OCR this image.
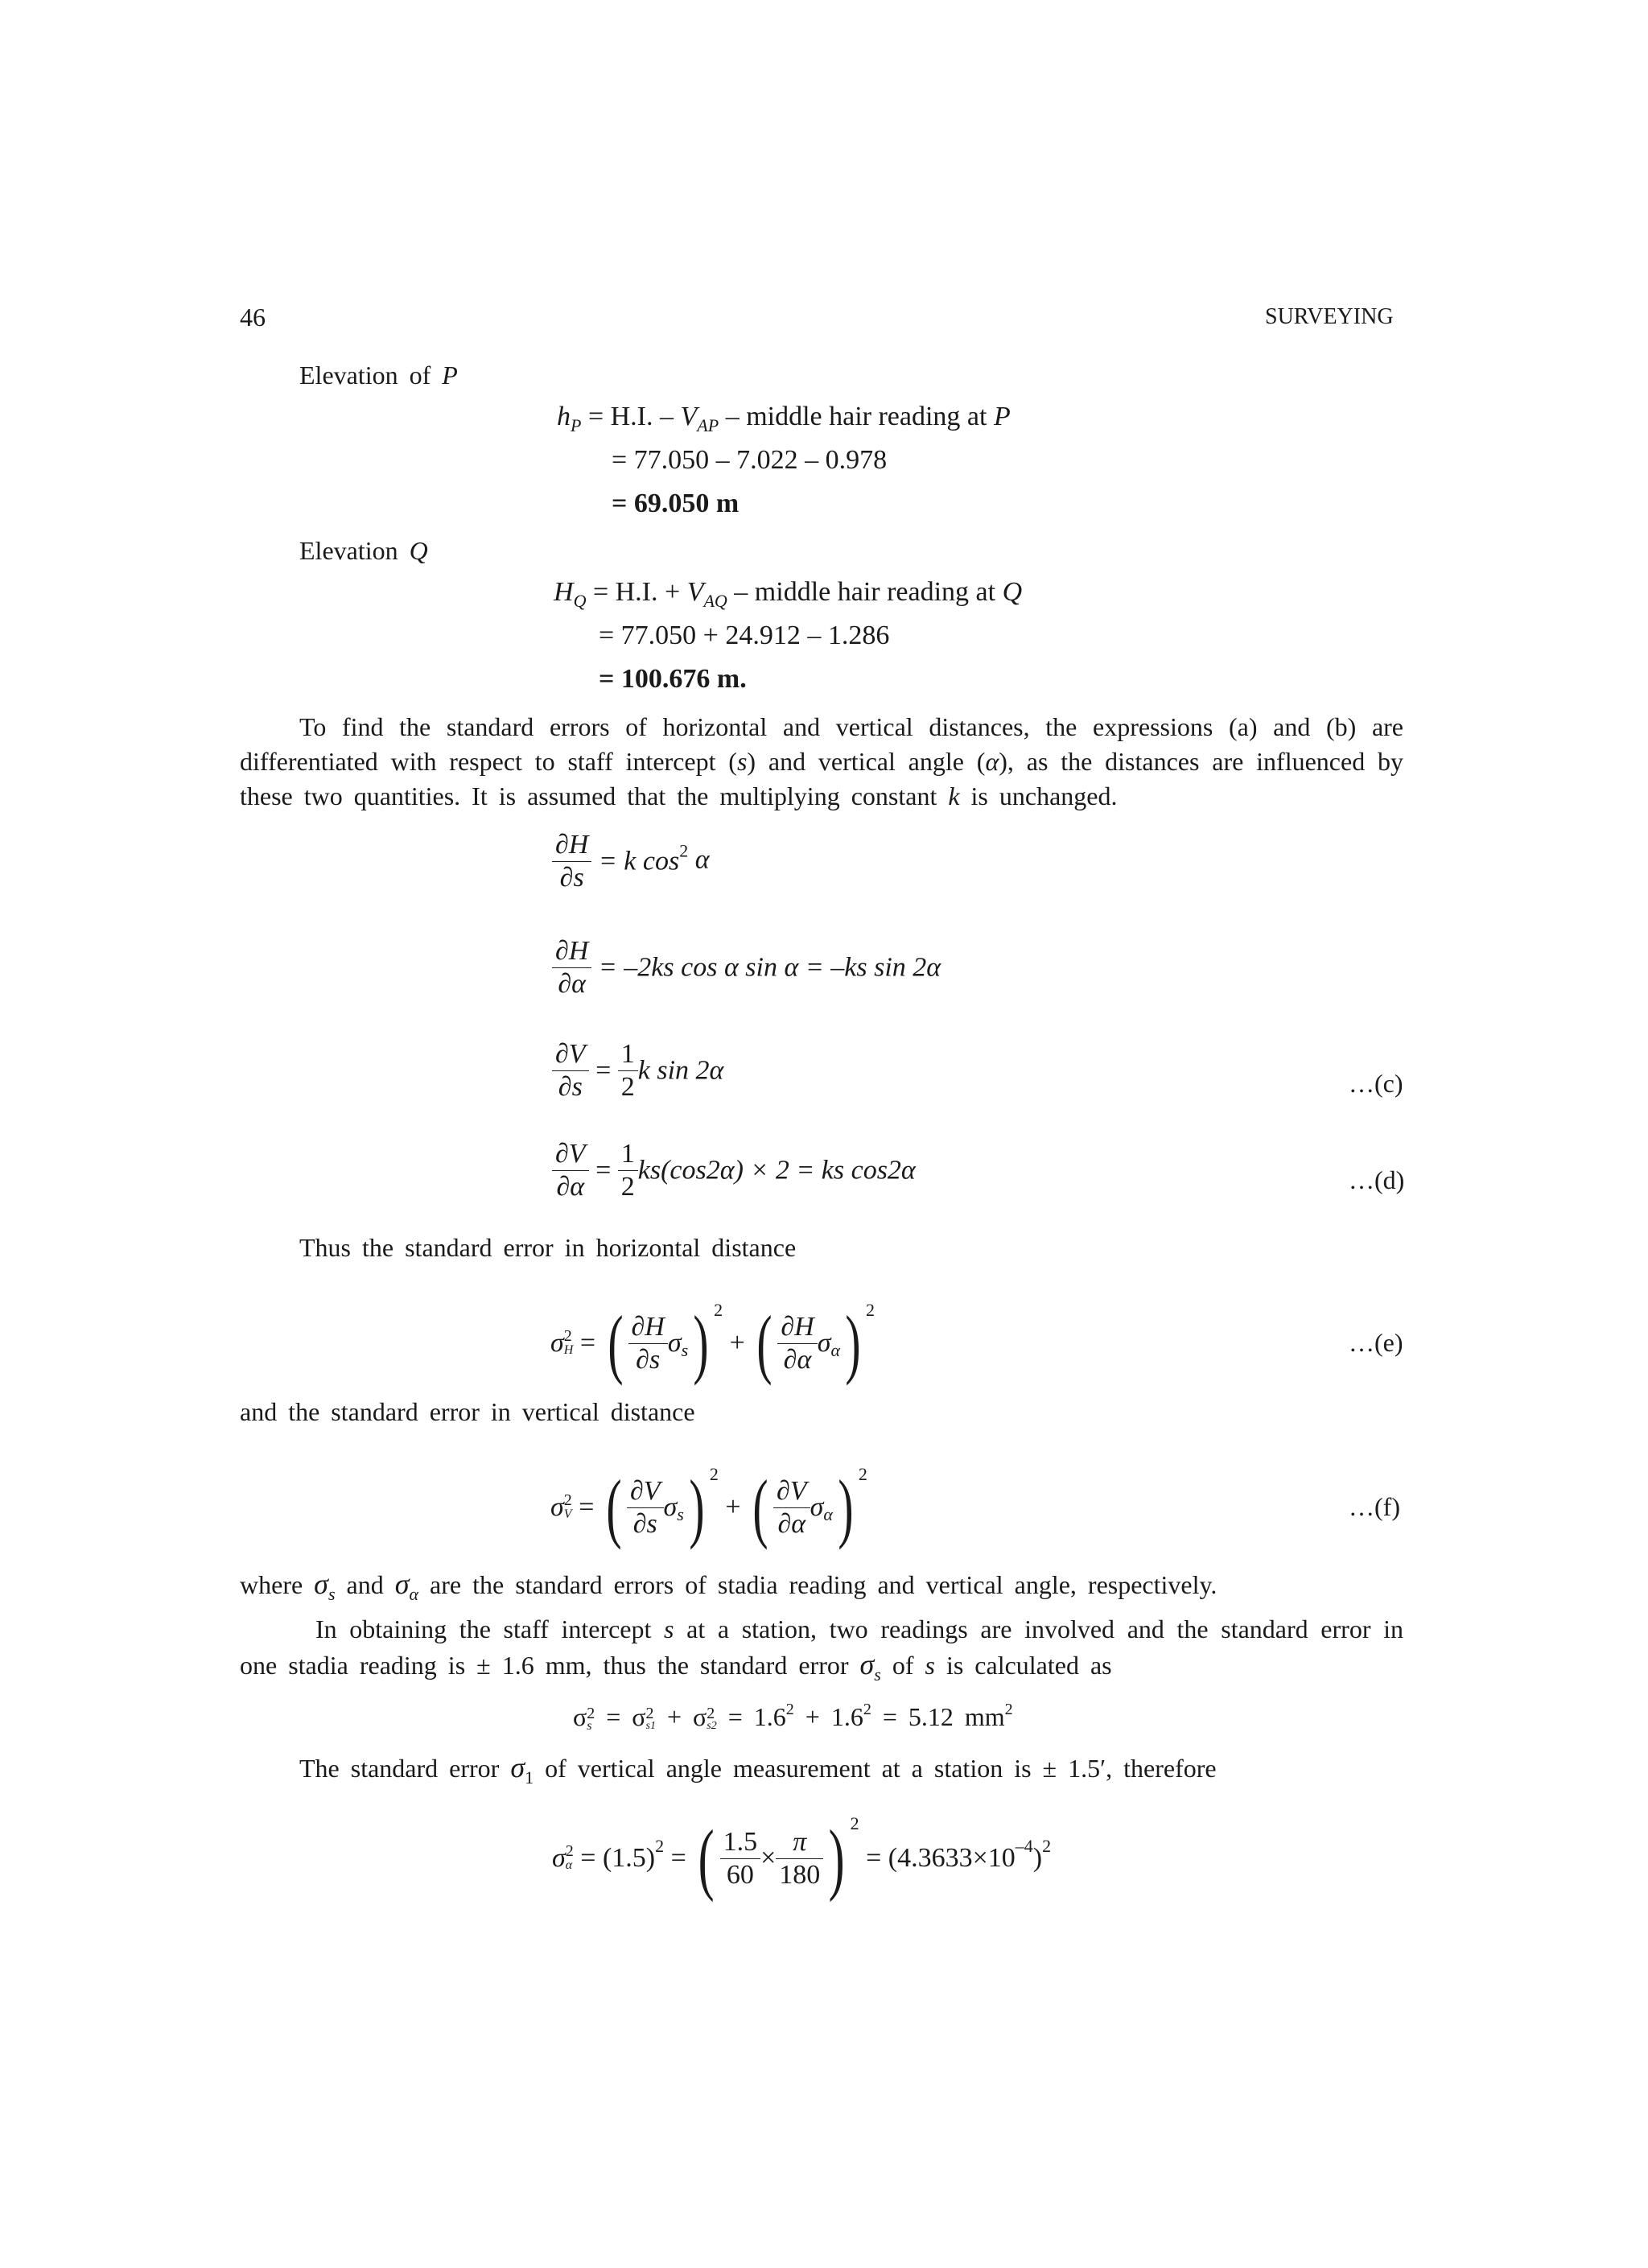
46	SURVEYING
Elevation of P
$h_P = H.I$. – $V_{AP}$ – middle hair reading at P
= 77.050 – 7.022 – 0.978
= 69.050 m
Elevation Q
$H_Q = H.I$. + $V_{AQ}$ – middle hair reading at Q
= 77.050 + 24.912 – 1.286
= 100.676 m.
To find the standard errors of horizontal and vertical distances, the expressions (a) and (b) are differentiated with respect to staff intercept (s) and vertical angle (α), as the distances are influenced by these two quantities. It is assumed that the multiplying constant k is unchanged.
$\frac{\partial H}{\partial s} = k$ $\cos^2 \alpha$
$\frac{\partial H}{\partial\alpha} = -2ks$ cos α sin α = –ks sin 2α
$\frac{\partial V}{\partial s} = \frac{1}{2}$ k sin 2α	…(c)
$\frac{\partial V}{\partial\alpha} = \frac{1}{2} ks(\cos 2\alpha) \times 2$ = ks cos2α	…(d)
Thus the standard error in horizontal distance
σ 2
H = ( $\frac{\partial H}{\partial s} \sigma_s$) $^2$ + ( $\frac{\partial H}{\partial\alpha} \sigma_\alpha$) $^2$
…(e)
and the standard error in vertical distance
σ 2
V = ( $\frac{\partial V}{\partial s} \sigma_s$) $^2$ + ( $\frac{\partial V}{\partial\alpha} \sigma_\alpha$) $^2$
…(f)
where $\sigma_s$ and $\sigma_\alpha$ are the standard errors of stadia reading and vertical angle, respectively.
In obtaining the staff intercept s at a station, two readings are involved and the standard error in one stadia reading is ± 1.6 mm, thus the standard error $\sigma_s$ of s is calculated as
σ 2
s = σ 2
s1 + σ 2
$s2 = 1.6^2 + 1.6^2 = 5.12$ $mm^2$
The standard error $\sigma_1$ of vertical angle measurement at a station is ± 1.5′, therefore
σ 2
$\alpha = (1.5)^2$ = ( $\frac{1.5}{60} \times \frac{\pi}{180}$ ) $^2 = (4.3633\times 10^{-4})^2$
